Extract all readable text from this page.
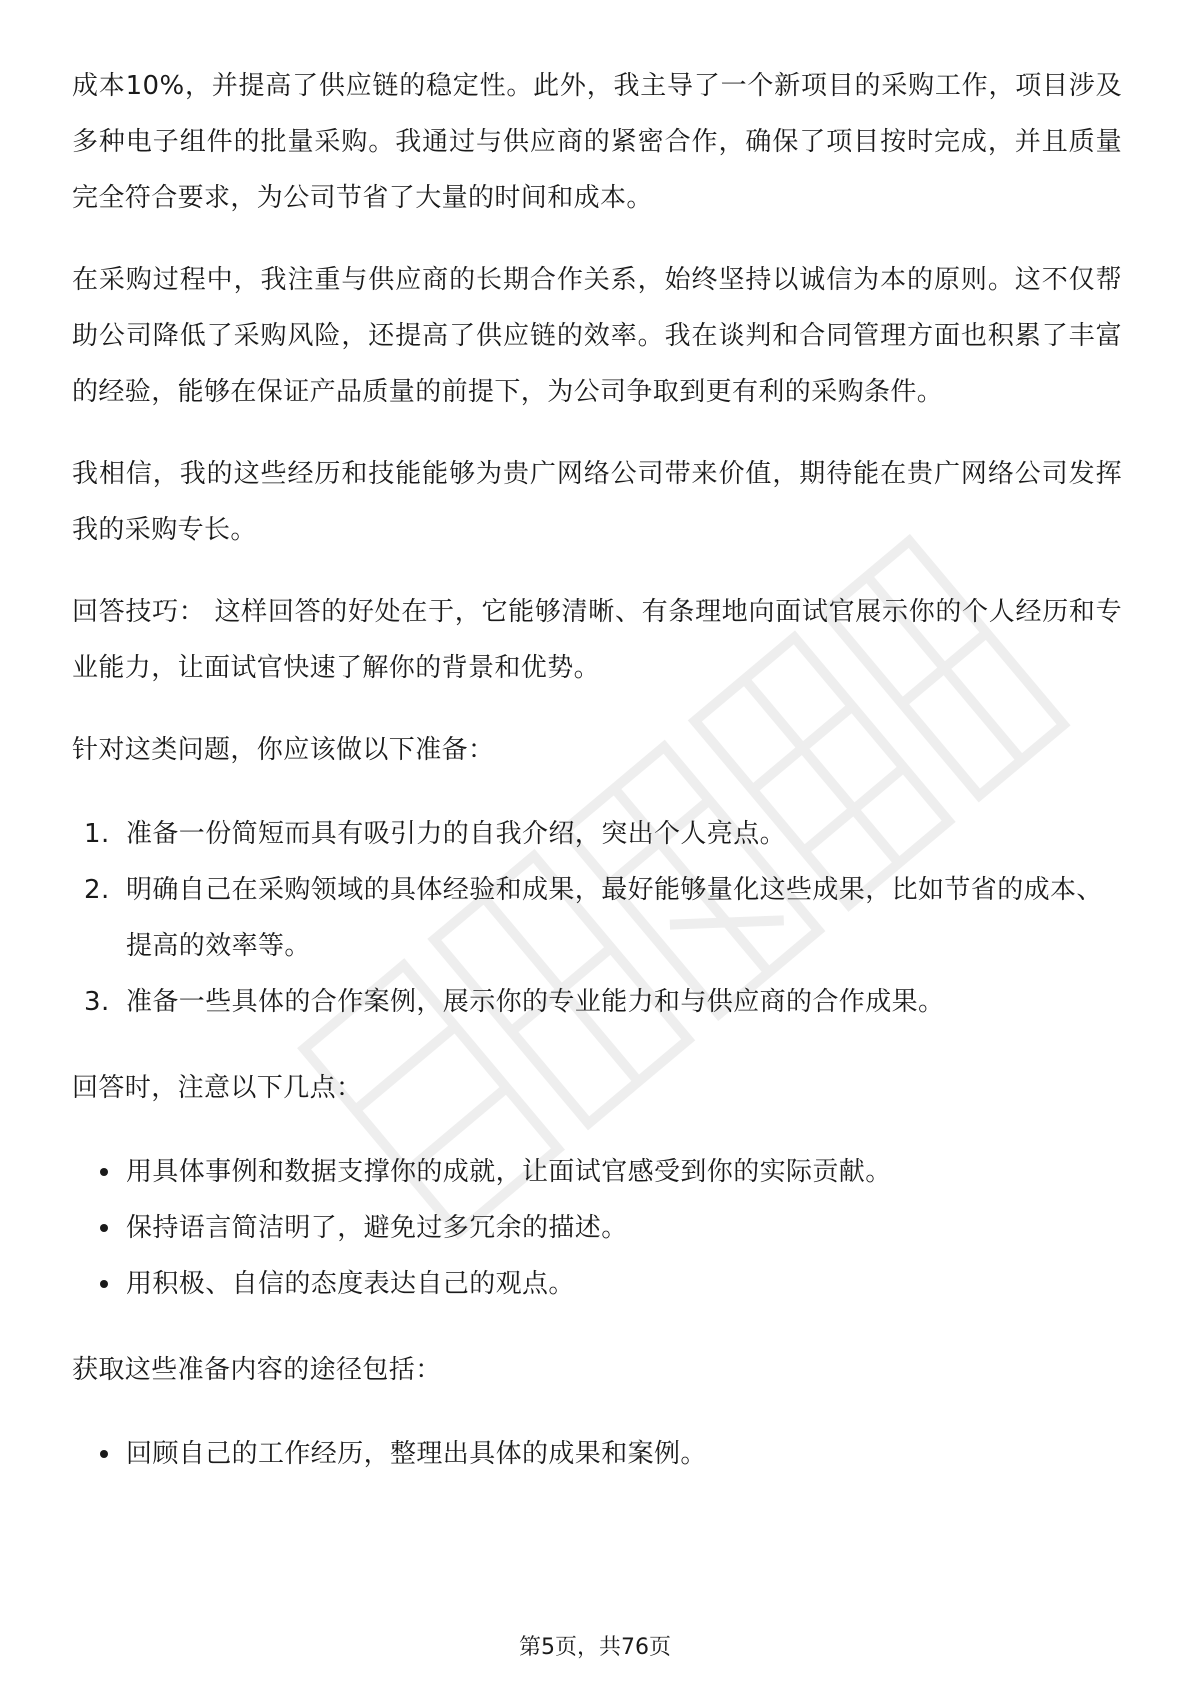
成本10%，并提高了供应链的稳定性。此外，我主导了一个新项目的采购工作，项目涉及多种电子组件的批量采购。我通过与供应商的紧密合作，确保了项目按时完成，并且质量完全符合要求，为公司节省了大量的时间和成本。

在采购过程中，我注重与供应商的长期合作关系，始终坚持以诚信为本的原则。这不仅帮助公司降低了采购风险，还提高了供应链的效率。我在谈判和合同管理方面也积累了丰富的经验，能够在保证产品质量的前提下，为公司争取到更有利的采购条件。

我相信，我的这些经历和技能能够为贵广网络公司带来价值，期待能在贵广网络公司发挥我的采购专长。

回答技巧： 这样回答的好处在于，它能够清晰、有条理地向面试官展示你的个人经历和专业能力，让面试官快速了解你的背景和优势。

针对这类问题，你应该做以下准备：

1. 准备一份简短而具有吸引力的自我介绍，突出个人亮点。
2. 明确自己在采购领域的具体经验和成果，最好能够量化这些成果，比如节省的成本、提高的效率等。
3. 准备一些具体的合作案例，展示你的专业能力和与供应商的合作成果。

回答时，注意以下几点：

用具体事例和数据支撑你的成就，让面试官感受到你的实际贡献。
保持语言简洁明了，避免过多冗余的描述。
用积极、自信的态度表达自己的观点。

获取这些准备内容的途径包括：

回顾自己的工作经历，整理出具体的成果和案例。
第5页，共76页
